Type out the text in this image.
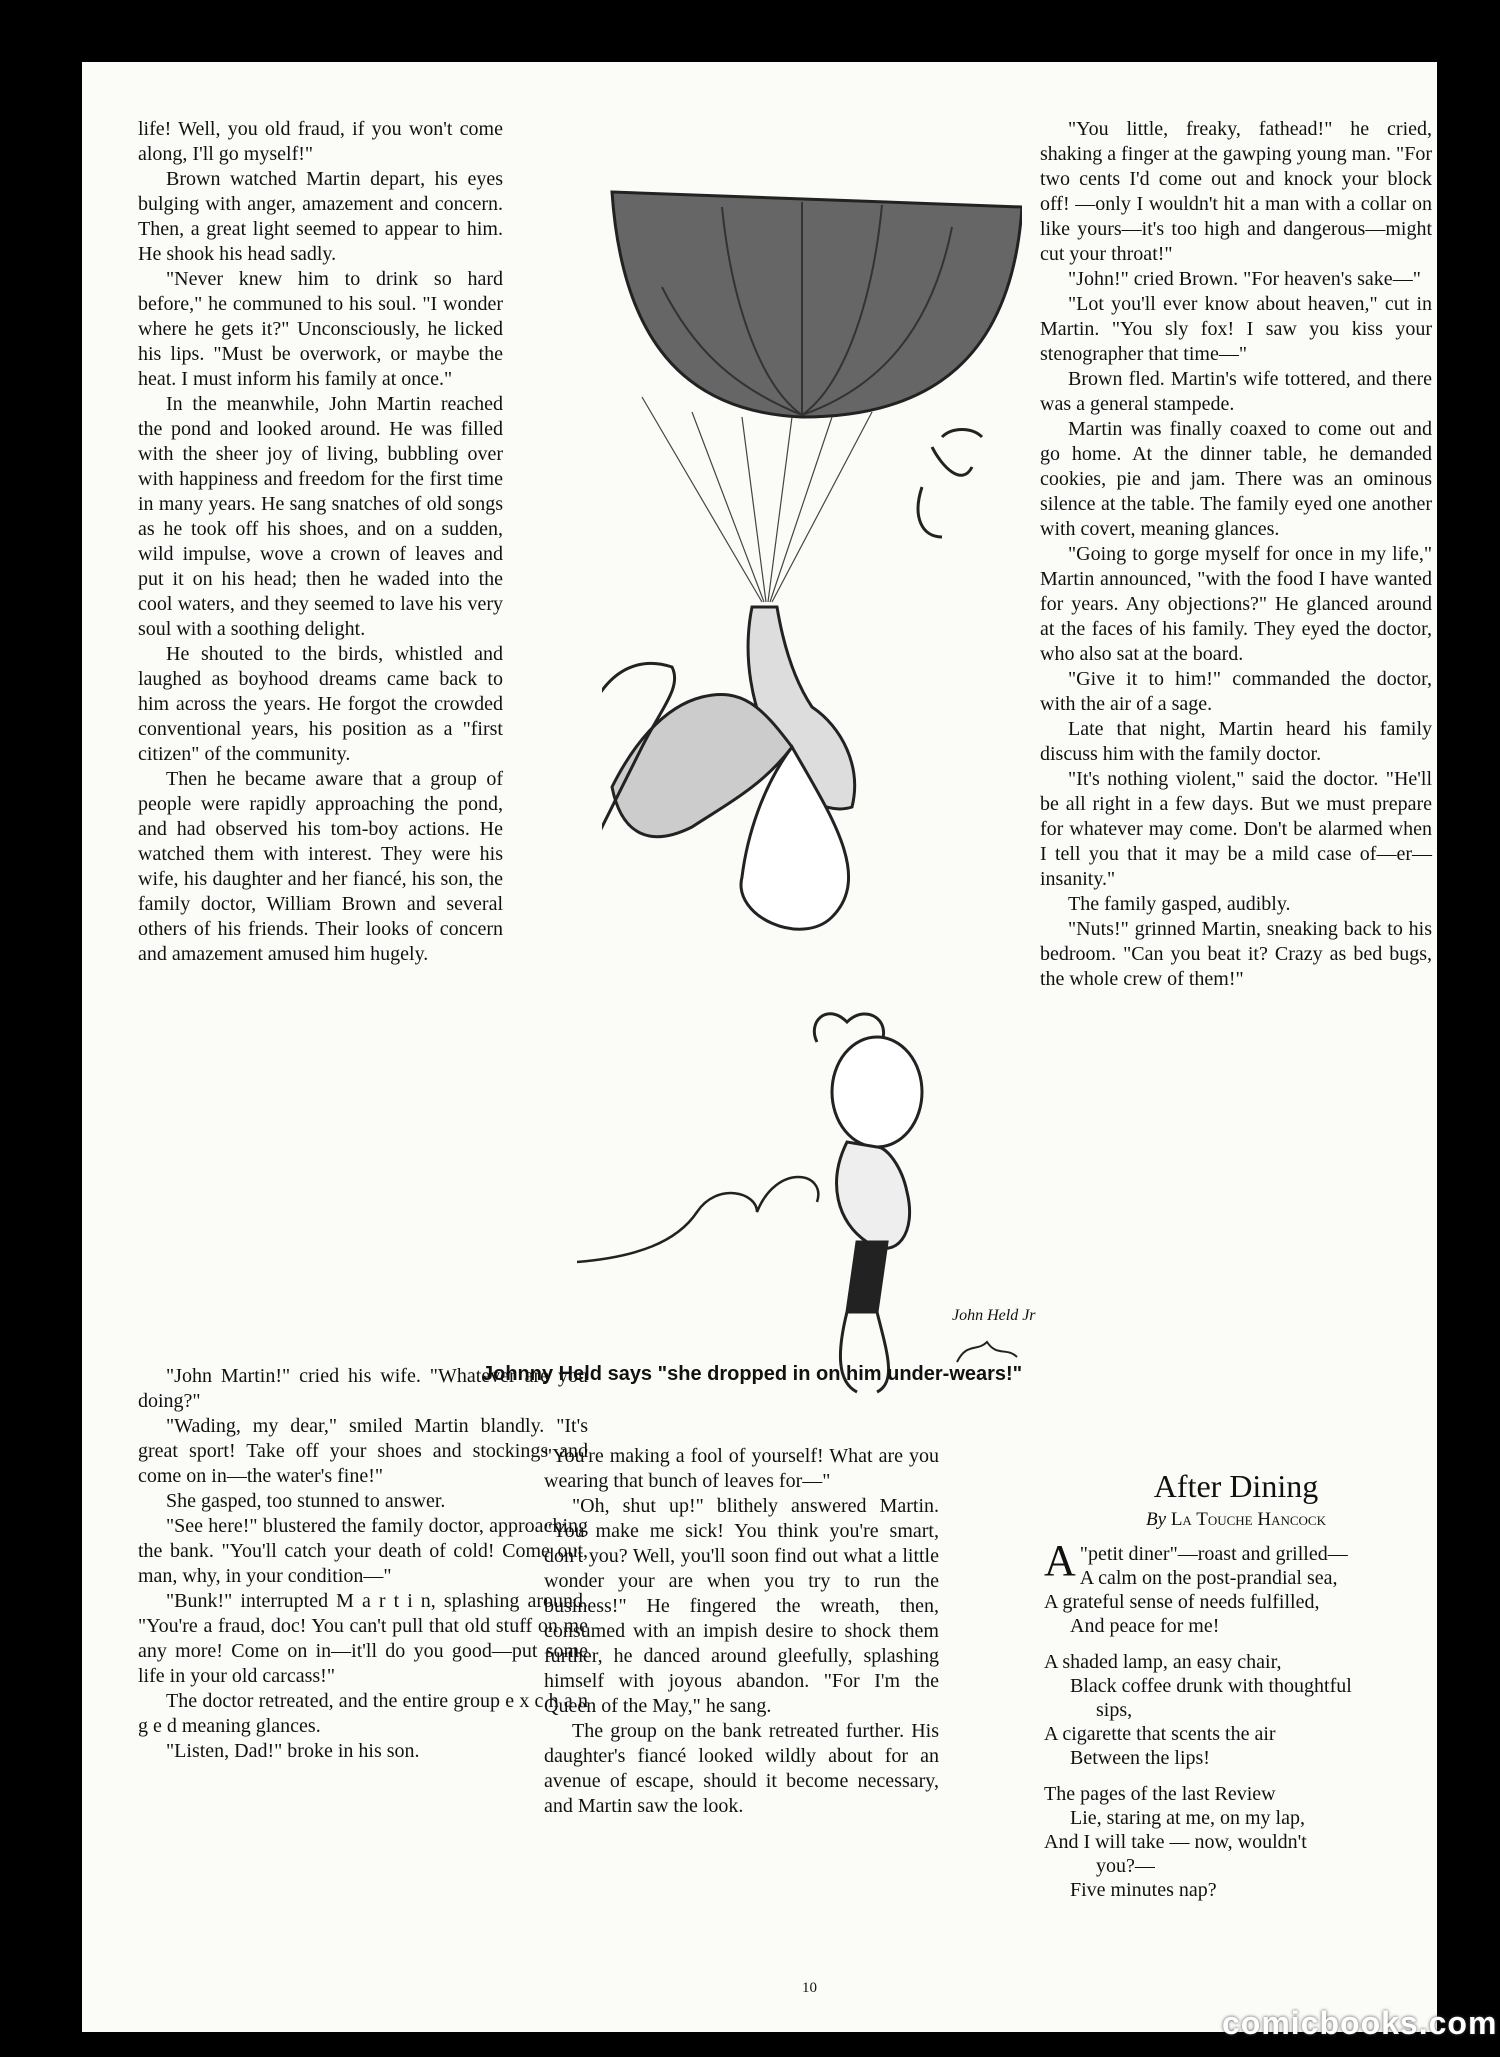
life! Well, you old fraud, if you won't come along, I'll go myself!"

Brown watched Martin depart, his eyes bulging with anger, amazement and concern. Then, a great light seemed to appear to him. He shook his head sadly.

"Never knew him to drink so hard before," he communed to his soul. "I wonder where he gets it?" Unconsciously, he licked his lips. "Must be overwork, or maybe the heat. I must inform his family at once."

In the meanwhile, John Martin reached the pond and looked around. He was filled with the sheer joy of living, bubbling over with happiness and freedom for the first time in many years. He sang snatches of old songs as he took off his shoes, and on a sudden, wild impulse, wove a crown of leaves and put it on his head; then he waded into the cool waters, and they seemed to lave his very soul with a soothing delight.

He shouted to the birds, whistled and laughed as boyhood dreams came back to him across the years. He forgot the crowded conventional years, his position as a "first citizen" of the community.

Then he became aware that a group of people were rapidly approaching the pond, and had observed his tom-boy actions. He watched them with interest. They were his wife, his daughter and her fiancé, his son, the family doctor, William Brown and several others of his friends. Their looks of concern and amazement amused him hugely.

"John Martin!" cried his wife. "Whatever are you doing?"

"Wading, my dear," smiled Martin blandly. "It's great sport! Take off your shoes and stockings and come on in—the water's fine!"

She gasped, too stunned to answer.

"See here!" blustered the family doctor, approaching the bank. "You'll catch your death of cold! Come out, man, why, in your condition—"

"Bunk!" interrupted M a r t i n, splashing around. "You're a fraud, doc! You can't pull that old stuff on me any more! Come on in—it'll do you good—put some life in your old carcass!"

The doctor retreated, and the entire group e x c h a n g e d meaning glances.

"Listen, Dad!" broke in his son.

"You're making a fool of yourself! What are you wearing that bunch of leaves for—"

"Oh, shut up!" blithely answered Martin. "You make me sick! You think you're smart, don't you? Well, you'll soon find out what a little wonder your are when you try to run the business!" He fingered the wreath, then, consumed with an impish desire to shock them further, he danced around gleefully, splashing himself with joyous abandon. "For I'm the Queen of the May," he sang.

The group on the bank retreated further. His daughter's fiancé looked wildly about for an avenue of escape, should it become necessary, and Martin saw the look.

"You little, freaky, fathead!" he cried, shaking a finger at the gawping young man. "For two cents I'd come out and knock your block off! —only I wouldn't hit a man with a collar on like yours—it's too high and dangerous—might cut your throat!"

"John!" cried Brown. "For heaven's sake—"

"Lot you'll ever know about heaven," cut in Martin. "You sly fox! I saw you kiss your stenographer that time—"

Brown fled. Martin's wife tottered, and there was a general stampede.

Martin was finally coaxed to come out and go home. At the dinner table, he demanded cookies, pie and jam. There was an ominous silence at the table. The family eyed one another with covert, meaning glances.

"Going to gorge myself for once in my life," Martin announced, "with the food I have wanted for years. Any objections?" He glanced around at the faces of his family. They eyed the doctor, who also sat at the board.

"Give it to him!" commanded the doctor, with the air of a sage.

Late that night, Martin heard his family discuss him with the family doctor.

"It's nothing violent," said the doctor. "He'll be all right in a few days. But we must prepare for whatever may come. Don't be alarmed when I tell you that it may be a mild case of—er—insanity."

The family gasped, audibly.

"Nuts!" grinned Martin, sneaking back to his bedroom. "Can you beat it? Crazy as bed bugs, the whole crew of them!"

Johnny Held says "she dropped in on him under-wears!"
After Dining
By La Touche Hancock
A "petit diner"—roast and grilled—
A calm on the post-prandial sea,
A grateful sense of needs fulfilled,
And peace for me!
A shaded lamp, an easy chair,
Black coffee drunk with thoughtful
sips,
A cigarette that scents the air
Between the lips!
The pages of the last Review
Lie, staring at me, on my lap,
And I will take — now, wouldn't
you?—
Five minutes nap?
10
John Held Jr
comicbooks.com
